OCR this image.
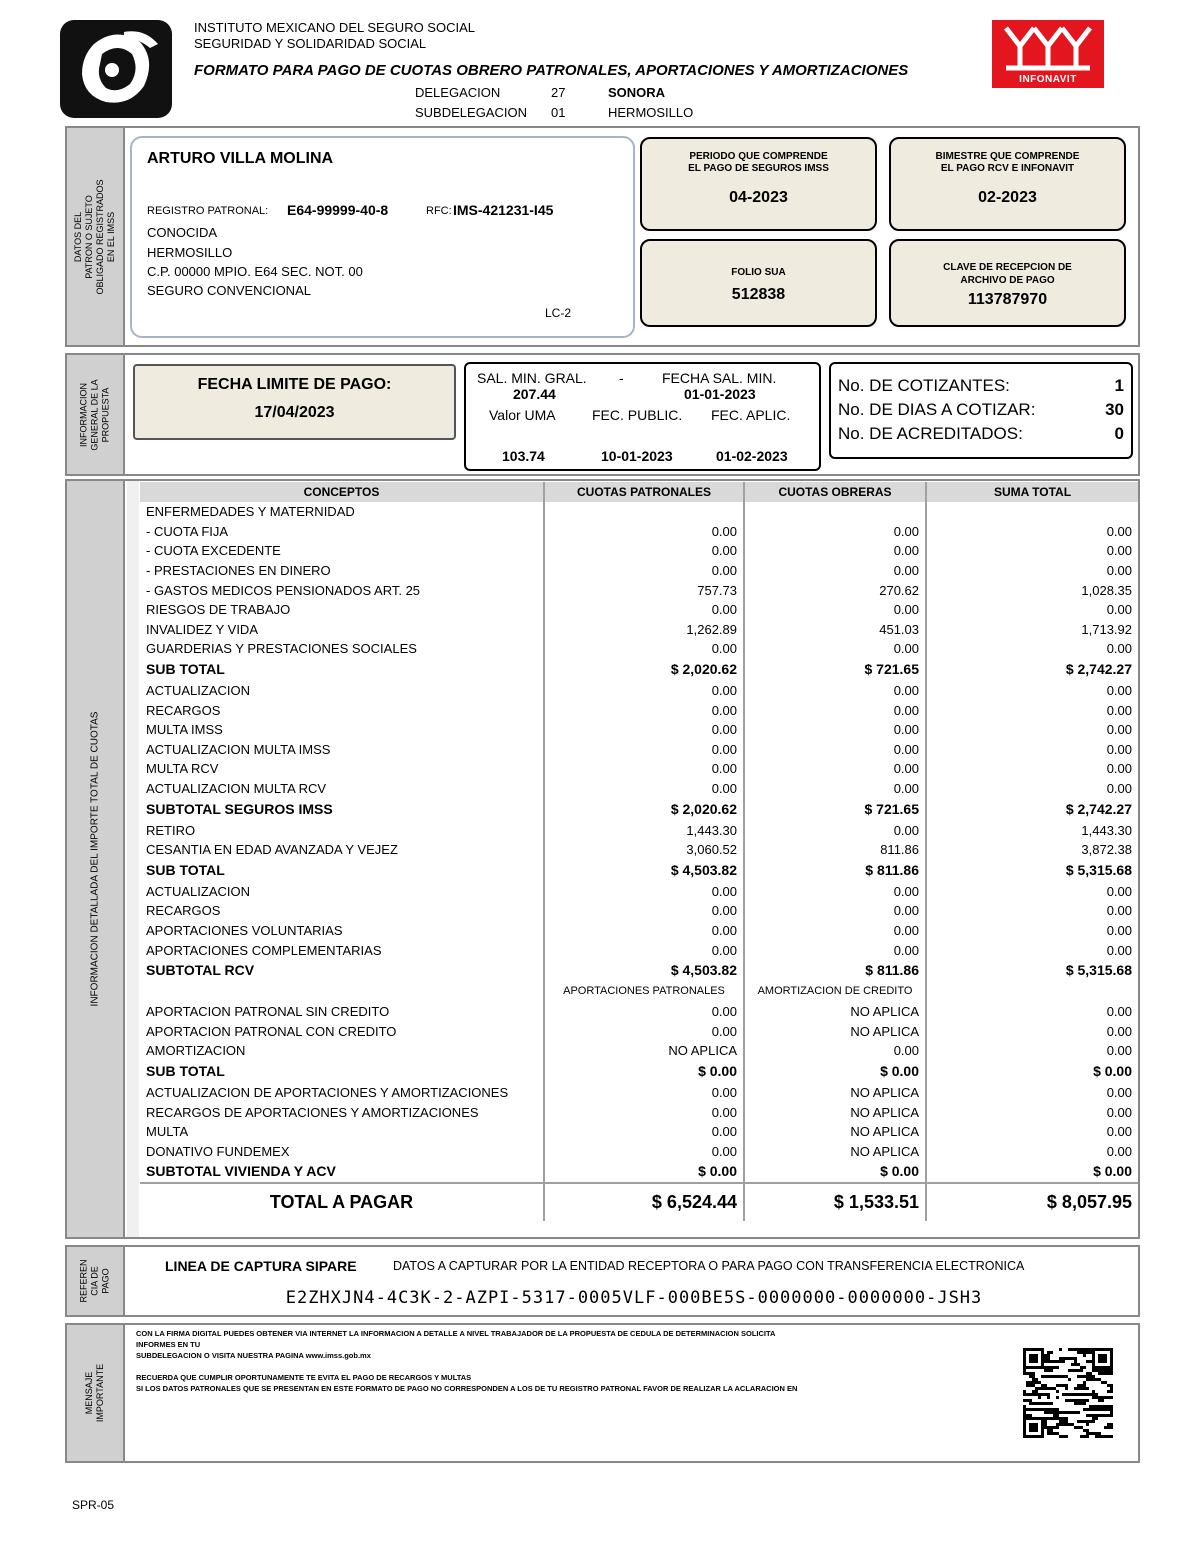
INSTITUTO MEXICANO DEL SEGURO SOCIAL
SEGURIDAD Y SOLIDARIDAD SOCIAL
FORMATO PARA PAGO DE CUOTAS OBRERO PATRONALES, APORTACIONES Y AMORTIZACIONES
DELEGACION	27	SONORA
SUBDELEGACION 01	HERMOSILLO
INFONAVIT
DATOS DEL
PATRON O SUJETO
OBLIGADO REGISTRADOS
EN EL IMSS
ARTURO VILLA MOLINA
REGISTRO PATRONAL: E64-99999-40-8	RFC: IMS-421231-I45
CONOCIDA
HERMOSILLO
C.P. 00000 MPIO. E64 SEC. NOT. 00
SEGURO CONVENCIONAL
LC-2
PERIODO QUE COMPRENDE
EL PAGO DE SEGUROS IMSS
04-2023
BIMESTRE QUE COMPRENDE
EL PAGO RCV E INFONAVIT
02-2023
FOLIO SUA
512838
CLAVE DE RECEPCION DE
ARCHIVO DE PAGO
113787970
INFORMACION
GENERAL DE LA
PROPUESTA
FECHA LIMITE DE PAGO:
17/04/2023
SAL. MIN. GRAL. -
207.44
FECHA SAL. MIN.
01-01-2023
Valor UMA	FEC. PUBLIC. FEC. APLIC.
103.74	10-01-2023	01-02-2023
No. DE COTIZANTES:	1
No. DE DIAS A COTIZAR:	30
No. DE ACREDITADOS:	0
INFORMACION DETALLADA DEL IMPORTE TOTAL DE CUOTAS
CONCEPTOS	CUOTAS PATRONALES	CUOTAS OBRERAS	SUMA TOTAL
ENFERMEDADES Y MATERNIDAD			
- CUOTA FIJA	0.00	0.00	0.00
- CUOTA EXCEDENTE	0.00	0.00	0.00
- PRESTACIONES EN DINERO	0.00	0.00	0.00
- GASTOS MEDICOS PENSIONADOS ART. 25	757.73	270.62	1,028.35
RIESGOS DE TRABAJO	0.00	0.00	0.00
INVALIDEZ Y VIDA	1,262.89	451.03	1,713.92
GUARDERIAS Y PRESTACIONES SOCIALES	0.00	0.00	0.00
SUB TOTAL	$ 2,020.62	$ 721.65	$ 2,742.27
ACTUALIZACION	0.00	0.00	0.00
RECARGOS	0.00	0.00	0.00
MULTA IMSS	0.00	0.00	0.00
ACTUALIZACION MULTA IMSS	0.00	0.00	0.00
MULTA RCV	0.00	0.00	0.00
ACTUALIZACION MULTA RCV	0.00	0.00	0.00
SUBTOTAL SEGUROS IMSS	$ 2,020.62	$ 721.65	$ 2,742.27
RETIRO	1,443.30	0.00	1,443.30
CESANTIA EN EDAD AVANZADA Y VEJEZ	3,060.52	811.86	3,872.38
SUB TOTAL	$ 4,503.82	$ 811.86	$ 5,315.68
ACTUALIZACION	0.00	0.00	0.00
RECARGOS	0.00	0.00	0.00
APORTACIONES VOLUNTARIAS	0.00	0.00	0.00
APORTACIONES COMPLEMENTARIAS	0.00	0.00	0.00
SUBTOTAL RCV	$ 4,503.82	$ 811.86	$ 5,315.68
	APORTACIONES PATRONALES	AMORTIZACION DE CREDITO	
APORTACION PATRONAL SIN CREDITO	0.00	NO APLICA	0.00
APORTACION PATRONAL CON CREDITO	0.00	NO APLICA	0.00
AMORTIZACION	NO APLICA	0.00	0.00
SUB TOTAL	$ 0.00	$ 0.00	$ 0.00
ACTUALIZACION DE APORTACIONES Y AMORTIZACIONES	0.00	NO APLICA	0.00
RECARGOS DE APORTACIONES Y AMORTIZACIONES	0.00	NO APLICA	0.00
MULTA	0.00	NO APLICA	0.00
DONATIVO FUNDEMEX	0.00	NO APLICA	0.00
SUBTOTAL VIVIENDA Y ACV	$ 0.00	$ 0.00	$ 0.00
TOTAL A PAGAR	$ 6,524.44	$ 1,533.51	$ 8,057.95
REFEREN
CIA DE
PAGO
LINEA DE CAPTURA SIPARE	DATOS A CAPTURAR POR LA ENTIDAD RECEPTORA O PARA PAGO CON TRANSFERENCIA ELECTRONICA
E2ZHXJN4-4C3K-2-AZPI-5317-0005VLF-000BE5S-0000000-0000000-JSH3
MENSAJE
IMPORTANTE
CON LA FIRMA DIGITAL PUEDES OBTENER VIA INTERNET LA INFORMACION A DETALLE A NIVEL TRABAJADOR DE LA PROPUESTA DE CEDULA DE DETERMINACION SOLICITA
INFORMES EN TU
SUBDELEGACION O VISITA NUESTRA PAGINA www.imss.gob.mx
RECUERDA QUE CUMPLIR OPORTUNAMENTE TE EVITA EL PAGO DE RECARGOS Y MULTAS
SI LOS DATOS PATRONALES QUE SE PRESENTAN EN ESTE FORMATO DE PAGO NO CORRESPONDEN A LOS DE TU REGISTRO PATRONAL FAVOR DE REALIZAR LA ACLARACION EN
SPR-05
